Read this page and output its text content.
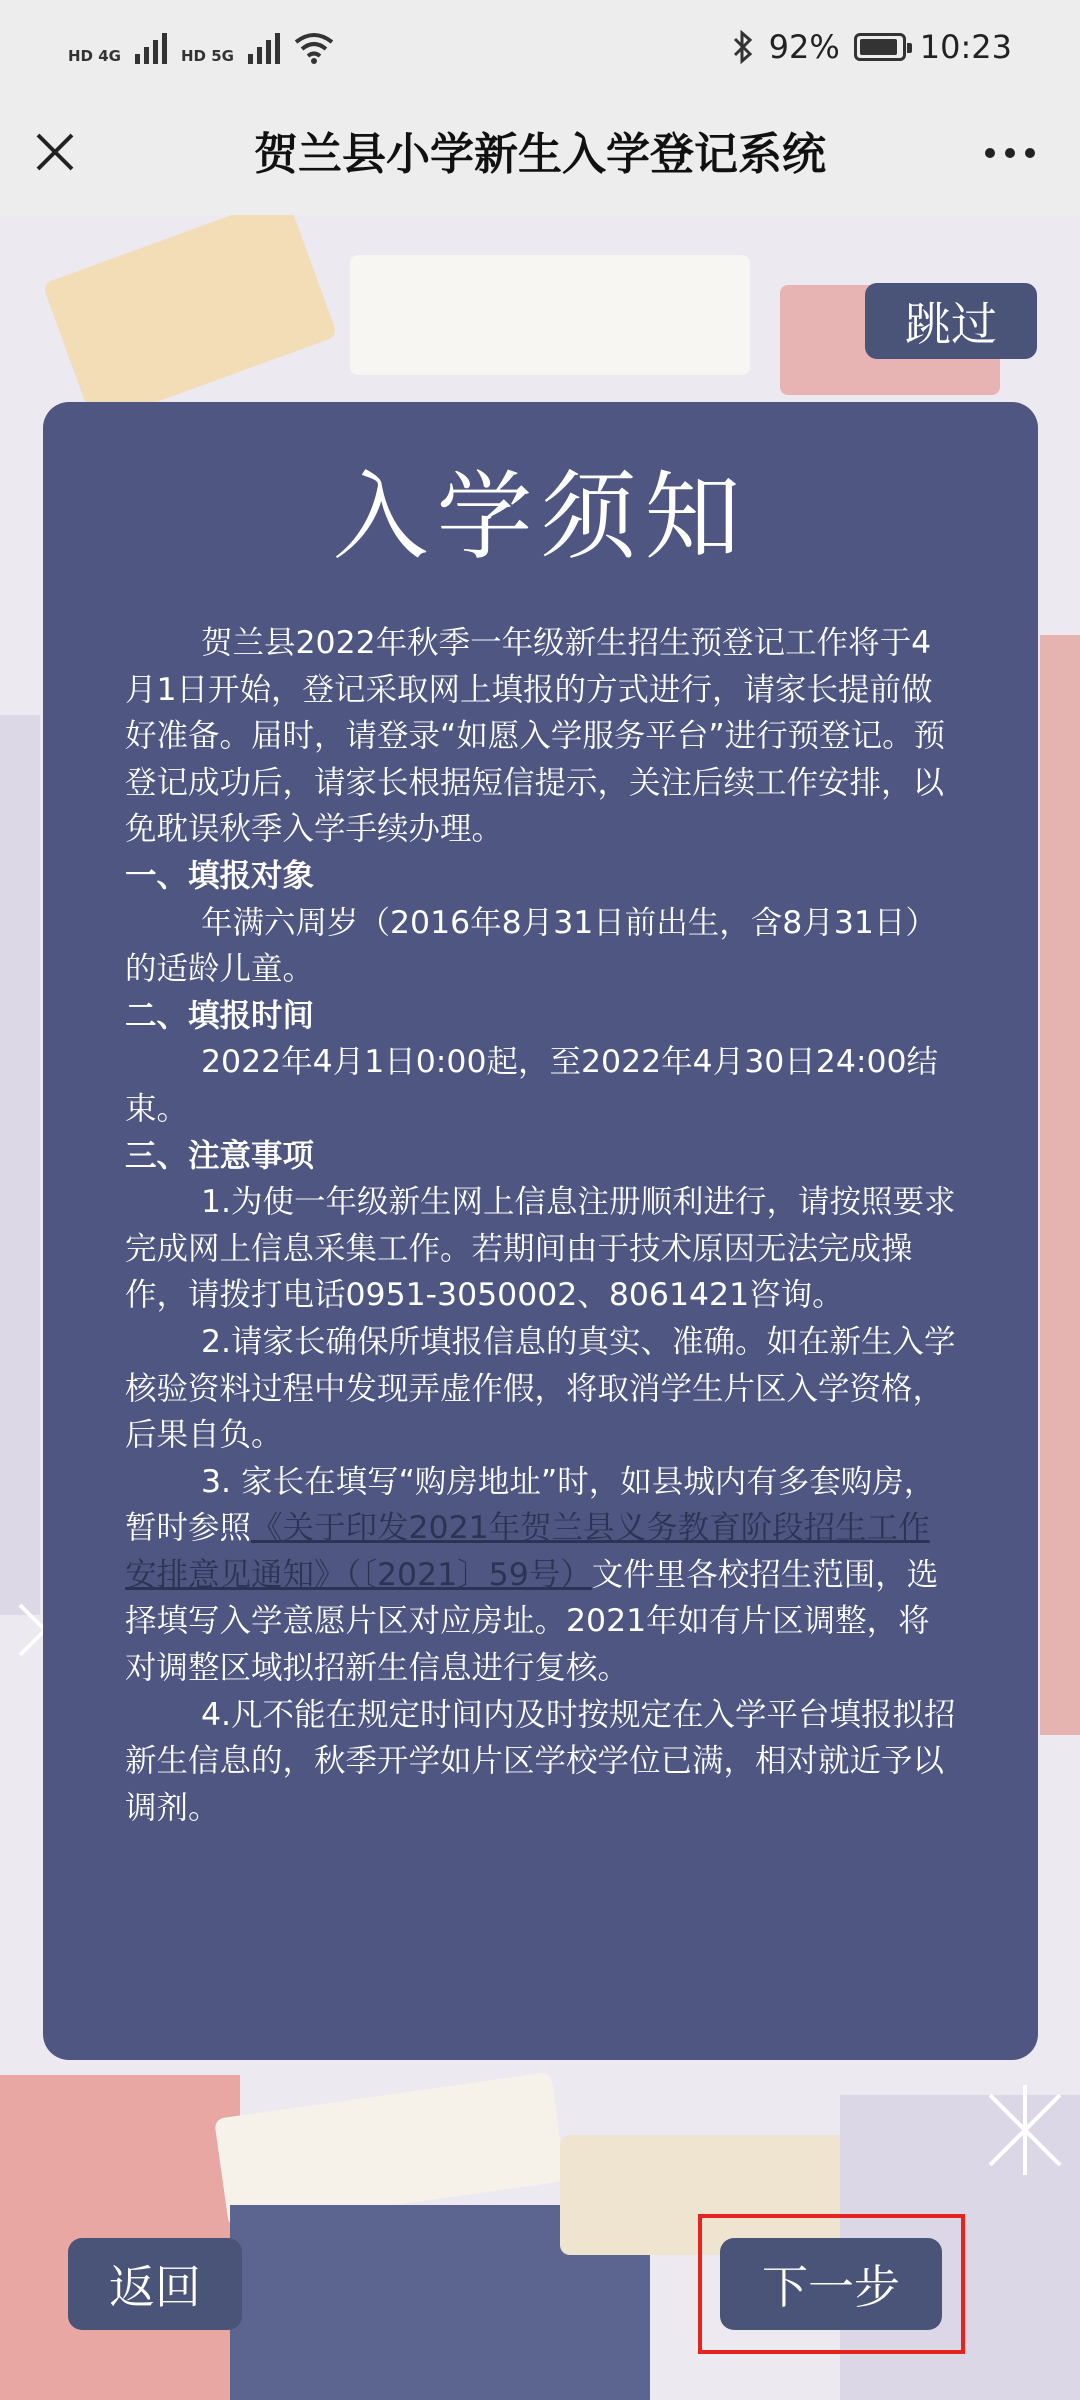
HD 4G	HD 5G	92%	10:23
贺兰县小学新生入学登记系统
跳过
入学须知

贺兰县2022年秋季一年级新生招生预登记工作将于4月1日开始，登记采取网上填报的方式进行，请家长提前做好准备。届时，请登录“如愿入学服务平台”进行预登记。预登记成功后，请家长根据短信提示，关注后续工作安排，以免耽误秋季入学手续办理。

一、填报对象

年满六周岁（2016年8月31日前出生，含8月31日）的适龄儿童。

二、填报时间

2022年4月1日0:00起，至2022年4月30日24:00结束。

三、注意事项

1.为使一年级新生网上信息注册顺利进行，请按照要求完成网上信息采集工作。若期间由于技术原因无法完成操作，请拨打电话0951-3050002、8061421咨询。

2.请家长确保所填报信息的真实、准确。如在新生入学核验资料过程中发现弄虚作假，将取消学生片区入学资格，后果自负。

3. 家长在填写“购房地址”时，如县城内有多套购房，暂时参照《关于印发2021年贺兰县义务教育阶段招生工作安排意见通知》（〔2021〕59号）文件里各校招生范围，选择填写入学意愿片区对应房址。2021年如有片区调整，将对调整区域拟招新生信息进行复核。

4.凡不能在规定时间内及时按规定在入学平台填报拟招新生信息的，秋季开学如片区学校学位已满，相对就近予以调剂。

返回	下一步
